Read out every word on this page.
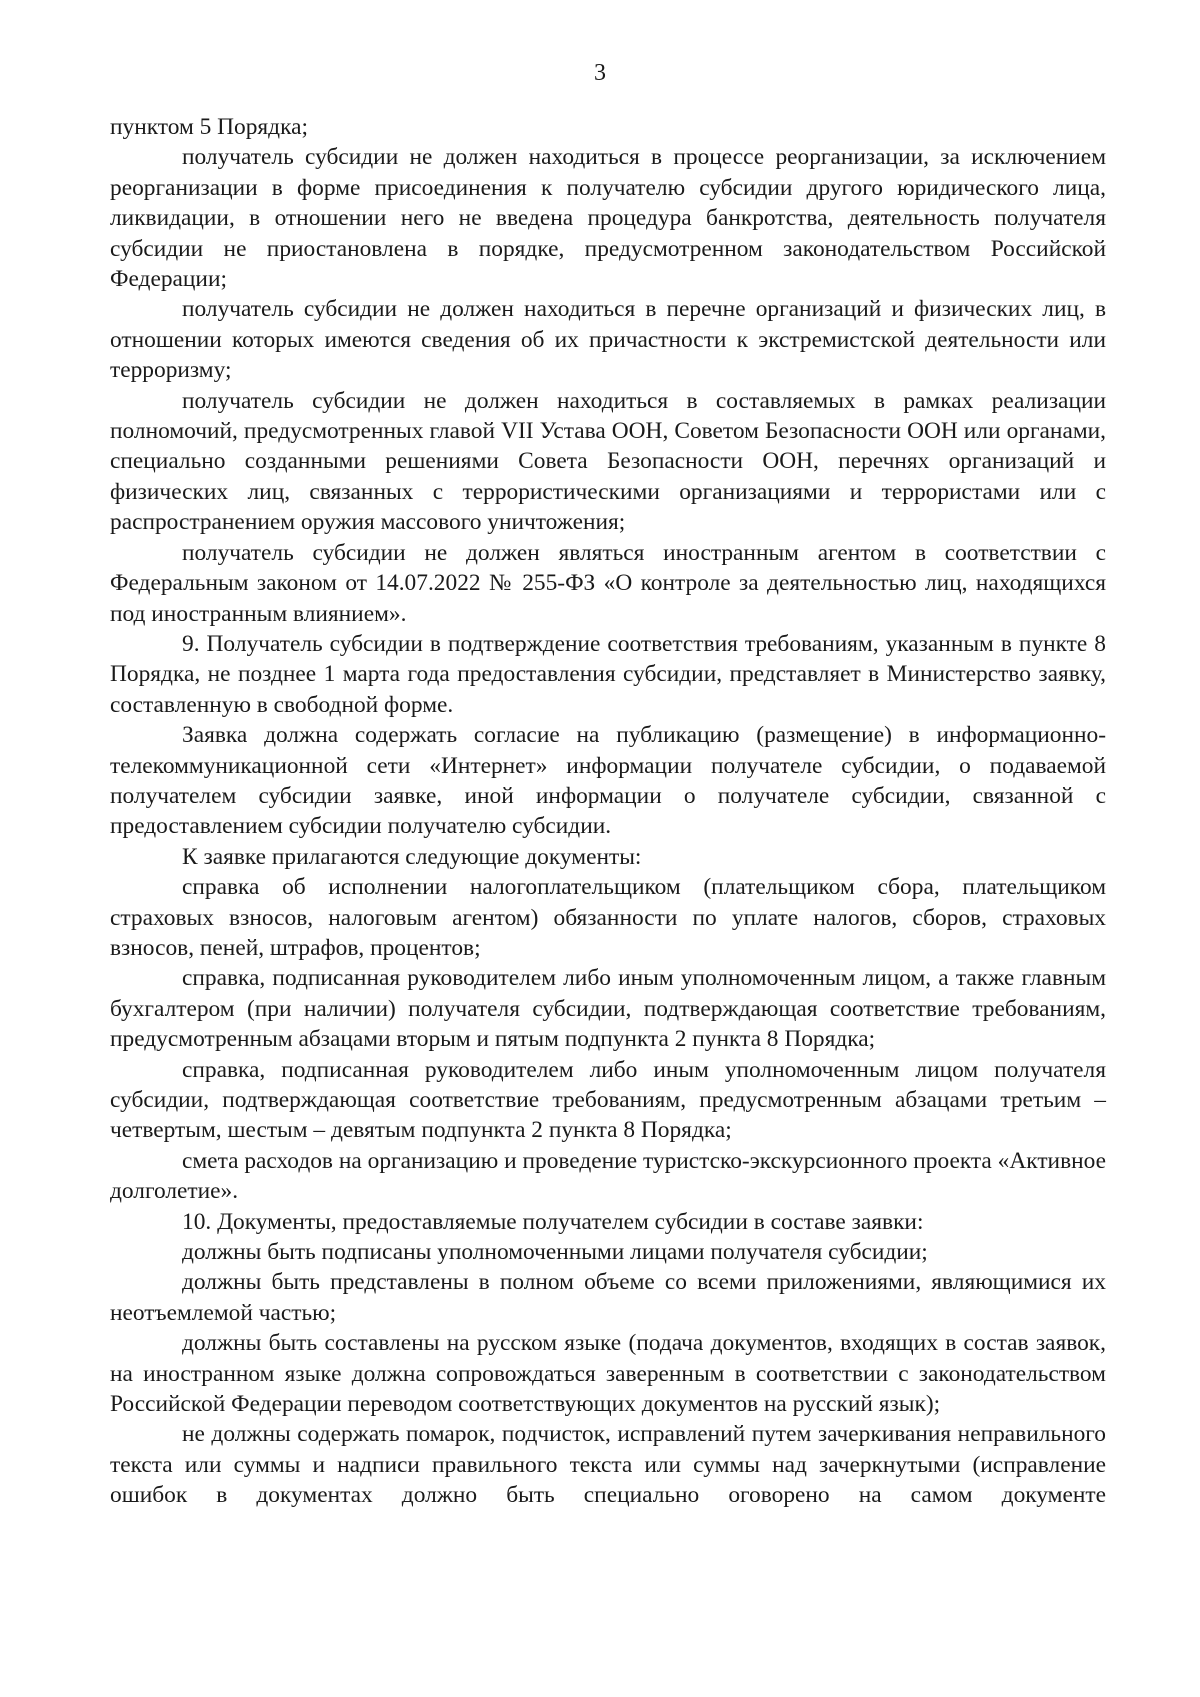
3

пунктом 5 Порядка;

получатель субсидии не должен находиться в процессе реорганизации, за исключением реорганизации в форме присоединения к получателю субсидии другого юридического лица, ликвидации, в отношении него не введена процедура банкротства, деятельность получателя субсидии не приостановлена в порядке, предусмотренном законодательством Российской Федерации;

получатель субсидии не должен находиться в перечне организаций и физических лиц, в отношении которых имеются сведения об их причастности к экстремистской деятельности или терроризму;

получатель субсидии не должен находиться в составляемых в рамках реализации полномочий, предусмотренных главой VII Устава ООН, Советом Безопасности ООН или органами, специально созданными решениями Совета Безопасности ООН, перечнях организаций и физических лиц, связанных с террористическими организациями и террористами или с распространением оружия массового уничтожения;

получатель субсидии не должен являться иностранным агентом в соответствии с Федеральным законом от 14.07.2022 № 255-ФЗ «О контроле за деятельностью лиц, находящихся под иностранным влиянием».

9. Получатель субсидии в подтверждение соответствия требованиям, указанным в пункте 8 Порядка, не позднее 1 марта года предоставления субсидии, представляет в Министерство заявку, составленную в свободной форме.

Заявка должна содержать согласие на публикацию (размещение) в информационно-телекоммуникационной сети «Интернет» информации получателе субсидии, о подаваемой получателем субсидии заявке, иной информации о получателе субсидии, связанной с предоставлением субсидии получателю субсидии.

К заявке прилагаются следующие документы:

справка об исполнении налогоплательщиком (плательщиком сбора, плательщиком страховых взносов, налоговым агентом) обязанности по уплате налогов, сборов, страховых взносов, пеней, штрафов, процентов;

справка, подписанная руководителем либо иным уполномоченным лицом, а также главным бухгалтером (при наличии) получателя субсидии, подтверждающая соответствие требованиям, предусмотренным абзацами вторым и пятым подпункта 2 пункта 8 Порядка;

справка, подписанная руководителем либо иным уполномоченным лицом получателя субсидии, подтверждающая соответствие требованиям, предусмотренным абзацами третьим – четвертым, шестым – девятым подпункта 2 пункта 8 Порядка;

смета расходов на организацию и проведение туристско-экскурсионного проекта «Активное долголетие».

10. Документы, предоставляемые получателем субсидии в составе заявки:

должны быть подписаны уполномоченными лицами получателя субсидии;

должны быть представлены в полном объеме со всеми приложениями, являющимися их неотъемлемой частью;

должны быть составлены на русском языке (подача документов, входящих в состав заявок, на иностранном языке должна сопровождаться заверенным в соответствии с законодательством Российской Федерации переводом соответствующих документов на русский язык);

не должны содержать помарок, подчисток, исправлений путем зачеркивания неправильного текста или суммы и надписи правильного текста или суммы над зачеркнутыми (исправление ошибок в документах должно быть специально оговорено на самом документе
